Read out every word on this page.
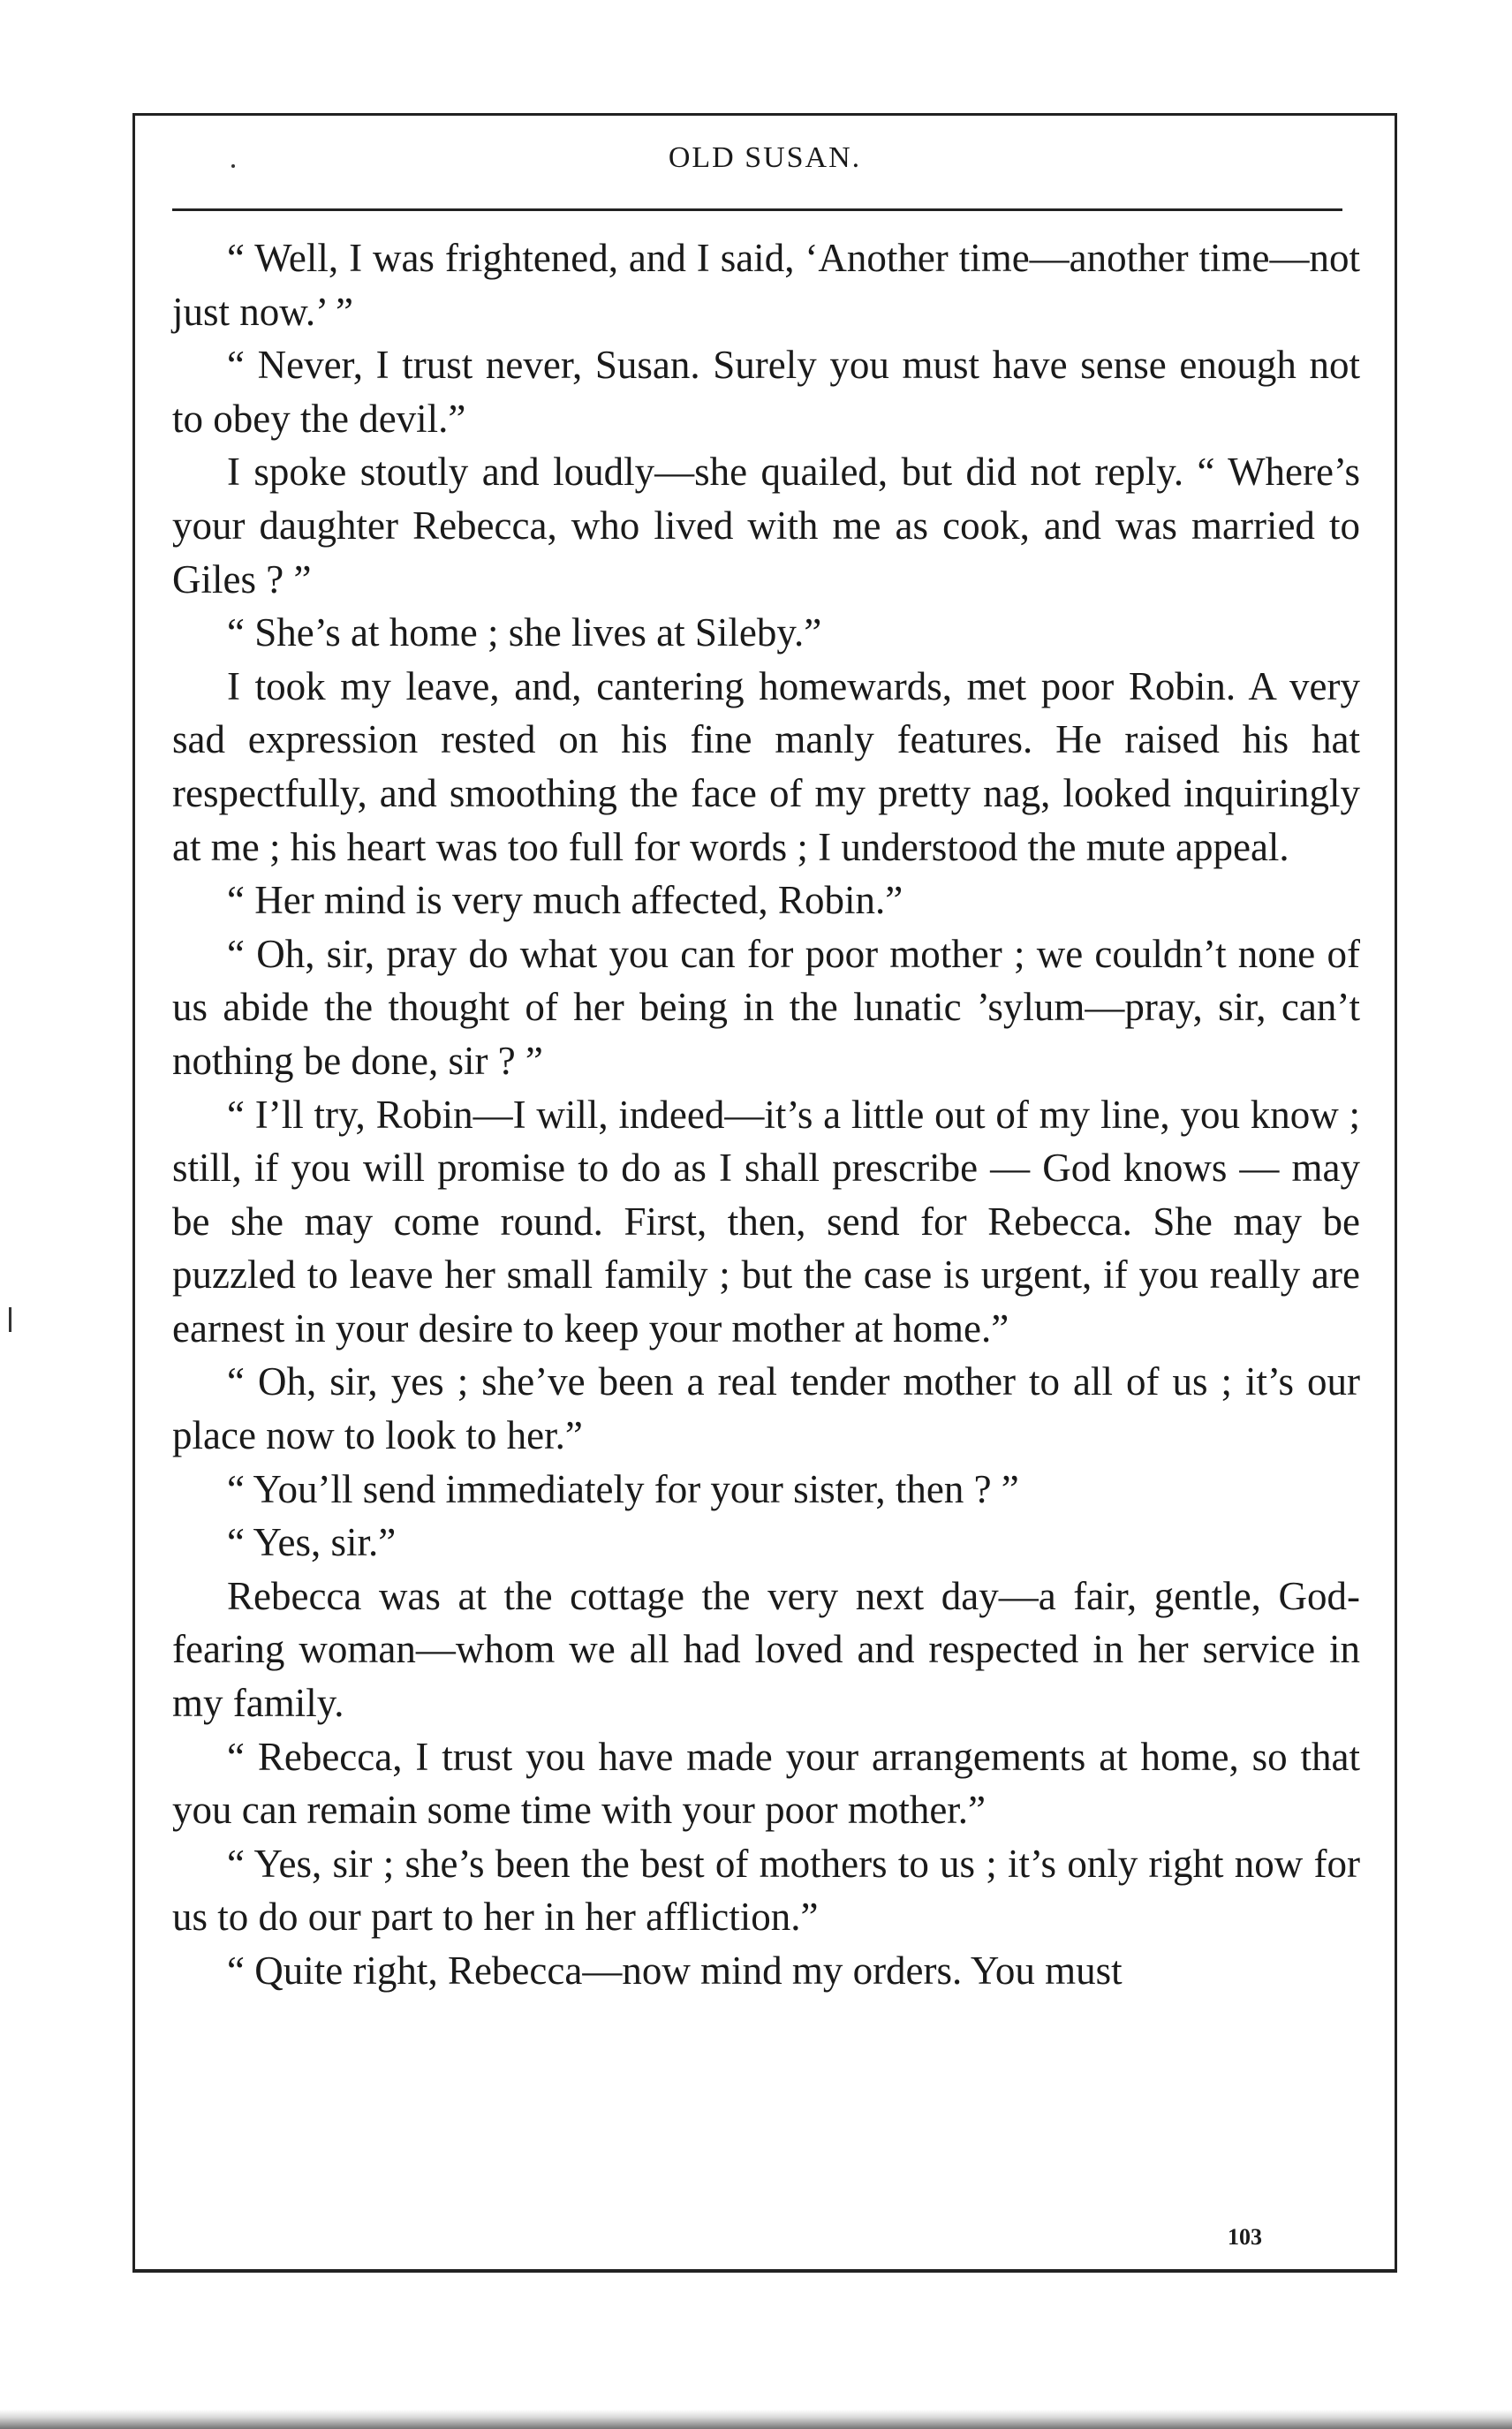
OLD SUSAN.

“ Well, I was frightened, and I said, ‘Another time—another time—not just now.’ ”

“ Never, I trust never, Susan. Surely you must have sense enough not to obey the devil.”

I spoke stoutly and loudly—she quailed, but did not reply. “ Where’s your daughter Rebecca, who lived with me as cook, and was married to Giles ? ”

“ She’s at home ; she lives at Sileby.”

I took my leave, and, cantering homewards, met poor Robin. A very sad expression rested on his fine manly features. He raised his hat respectfully, and smoothing the face of my pretty nag, looked inquiringly at me ; his heart was too full for words ; I understood the mute appeal.

“ Her mind is very much affected, Robin.”

“ Oh, sir, pray do what you can for poor mother ; we couldn’t none of us abide the thought of her being in the lunatic ’sylum—pray, sir, can’t nothing be done, sir ? ”

“ I’ll try, Robin—I will, indeed—it’s a little out of my line, you know ; still, if you will promise to do as I shall prescribe — God knows — may be she may come round. First, then, send for Rebecca. She may be puzzled to leave her small family ; but the case is urgent, if you really are earnest in your desire to keep your mother at home.”

“ Oh, sir, yes ; she’ve been a real tender mother to all of us ; it’s our place now to look to her.”

“ You’ll send immediately for your sister, then ? ”

“ Yes, sir.”

Rebecca was at the cottage the very next day—a fair, gentle, God-fearing woman—whom we all had loved and respected in her service in my family.

“ Rebecca, I trust you have made your arrangements at home, so that you can remain some time with your poor mother.”

“ Yes, sir ; she’s been the best of mothers to us ; it’s only right now for us to do our part to her in her affliction.”

“ Quite right, Rebecca—now mind my orders. You must

103
